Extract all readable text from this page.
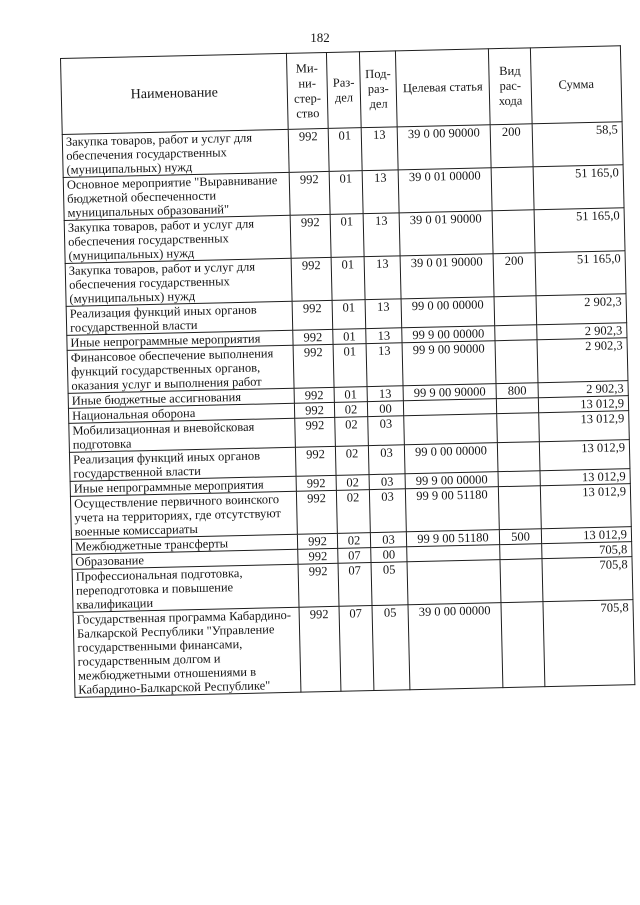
182
Наименование	Ми-ни-стер-ство	Раз-дел	Под-раз-дел	Целевая статья	Вид рас-хода	Сумма
Закупка товаров, работ и услуг для обеспечения государственных (муниципальных) нужд	992	01	13	39 0 00 90000	200	58,5
Основное мероприятие "Выравнивание бюджетной обеспеченности муниципальных образований"	992	01	13	39 0 01 00000		51 165,0
Закупка товаров, работ и услуг для обеспечения государственных (муниципальных) нужд	992	01	13	39 0 01 90000		51 165,0
Закупка товаров, работ и услуг для обеспечения государственных (муниципальных) нужд	992	01	13	39 0 01 90000	200	51 165,0
Реализация функций иных органов государственной власти	992	01	13	99 0 00 00000		2 902,3
Иные непрограммные мероприятия	992	01	13	99 9 00 00000		2 902,3
Финансовое обеспечение выполнения функций государственных органов, оказания услуг и выполнения работ	992	01	13	99 9 00 90000		2 902,3
Иные бюджетные ассигнования	992	01	13	99 9 00 90000	800	2 902,3
Национальная оборона	992	02	00			13 012,9
Мобилизационная и вневойсковая подготовка	992	02	03			13 012,9
Реализация функций иных органов государственной власти	992	02	03	99 0 00 00000		13 012,9
Иные непрограммные мероприятия	992	02	03	99 9 00 00000		13 012,9
Осуществление первичного воинского учета на территориях, где отсутствуют военные комиссариаты	992	02	03	99 9 00 51180		13 012,9
Межбюджетные трансферты	992	02	03	99 9 00 51180	500	13 012,9
Образование	992	07	00			705,8
Профессиональная подготовка, переподготовка и повышение квалификации	992	07	05			705,8
Государственная программа Кабардино-Балкарской Республики "Управление государственными финансами, государственным долгом и межбюджетными отношениями в Кабардино-Балкарской Республике"	992	07	05	39 0 00 00000		705,8
